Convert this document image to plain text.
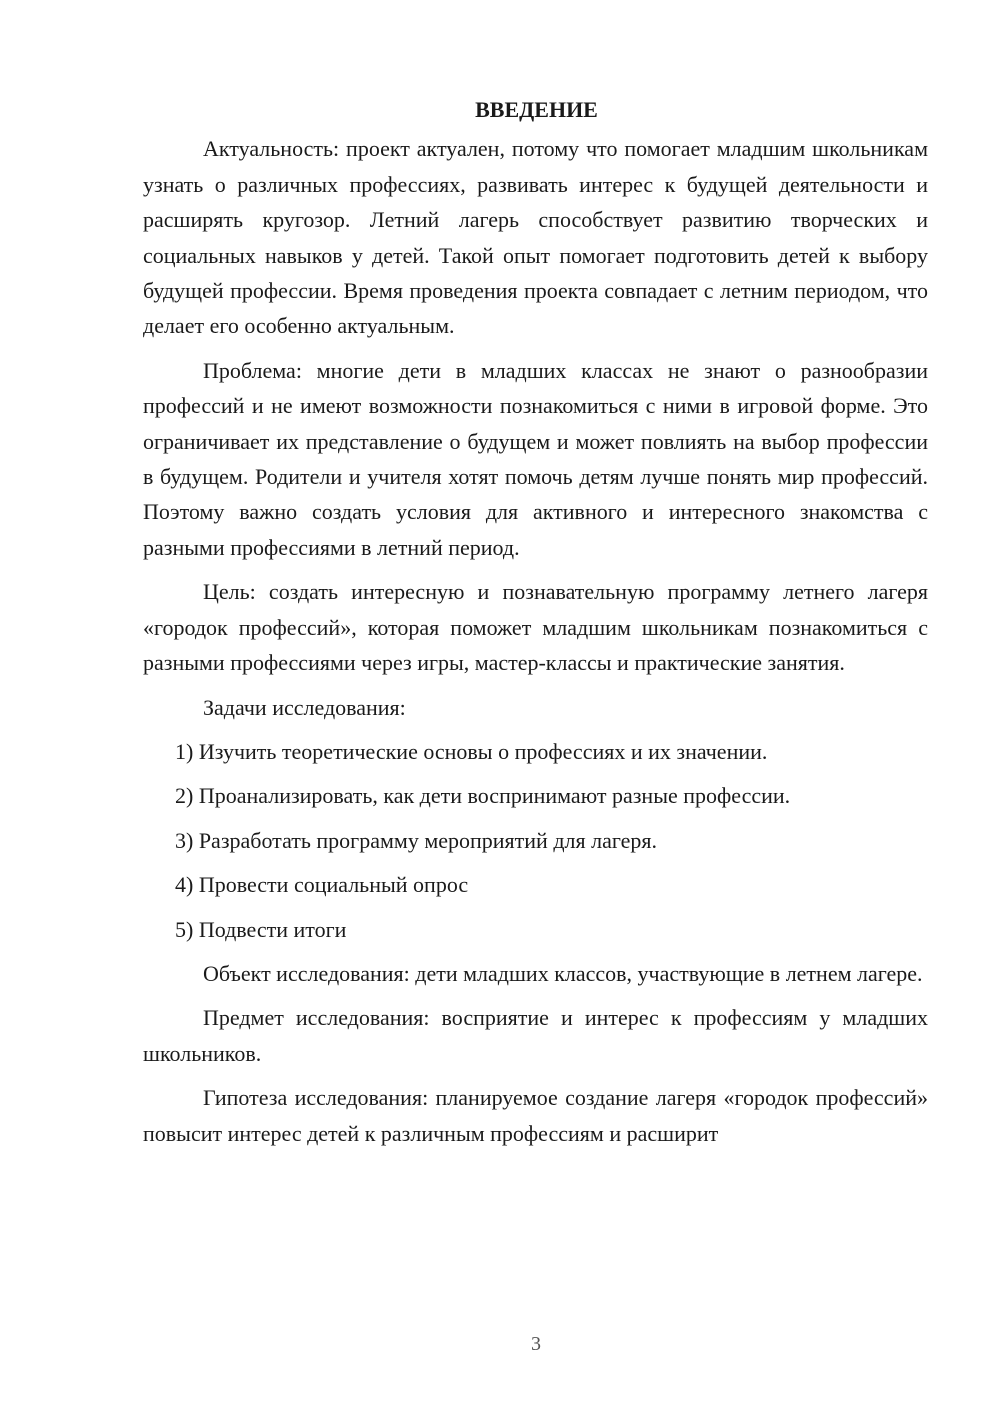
ВВЕДЕНИЕ

Актуальность: проект актуален, потому что помогает младшим школьникам узнать о различных профессиях, развивать интерес к будущей деятельности и расширять кругозор. Летний лагерь способствует развитию творческих и социальных навыков у детей. Такой опыт помогает подготовить детей к выбору будущей профессии. Время проведения проекта совпадает с летним периодом, что делает его особенно актуальным.

Проблема: многие дети в младших классах не знают о разнообразии профессий и не имеют возможности познакомиться с ними в игровой форме. Это ограничивает их представление о будущем и может повлиять на выбор профессии в будущем. Родители и учителя хотят помочь детям лучше понять мир профессий. Поэтому важно создать условия для активного и интересного знакомства с разными профессиями в летний период.

Цель: создать интересную и познавательную программу летнего лагеря «городок профессий», которая поможет младшим школьникам познакомиться с разными профессиями через игры, мастер-классы и практические занятия.

Задачи исследования:

1) Изучить теоретические основы о профессиях и их значении.
2) Проанализировать, как дети воспринимают разные профессии.
3) Разработать программу мероприятий для лагеря.
4) Провести социальный опрос
5) Подвести итоги

Объект исследования: дети младших классов, участвующие в летнем лагере.

Предмет исследования: восприятие и интерес к профессиям у младших школьников.

Гипотеза исследования: планируемое создание лагеря «городок профессий» повысит интерес детей к различным профессиям и расширит

3
